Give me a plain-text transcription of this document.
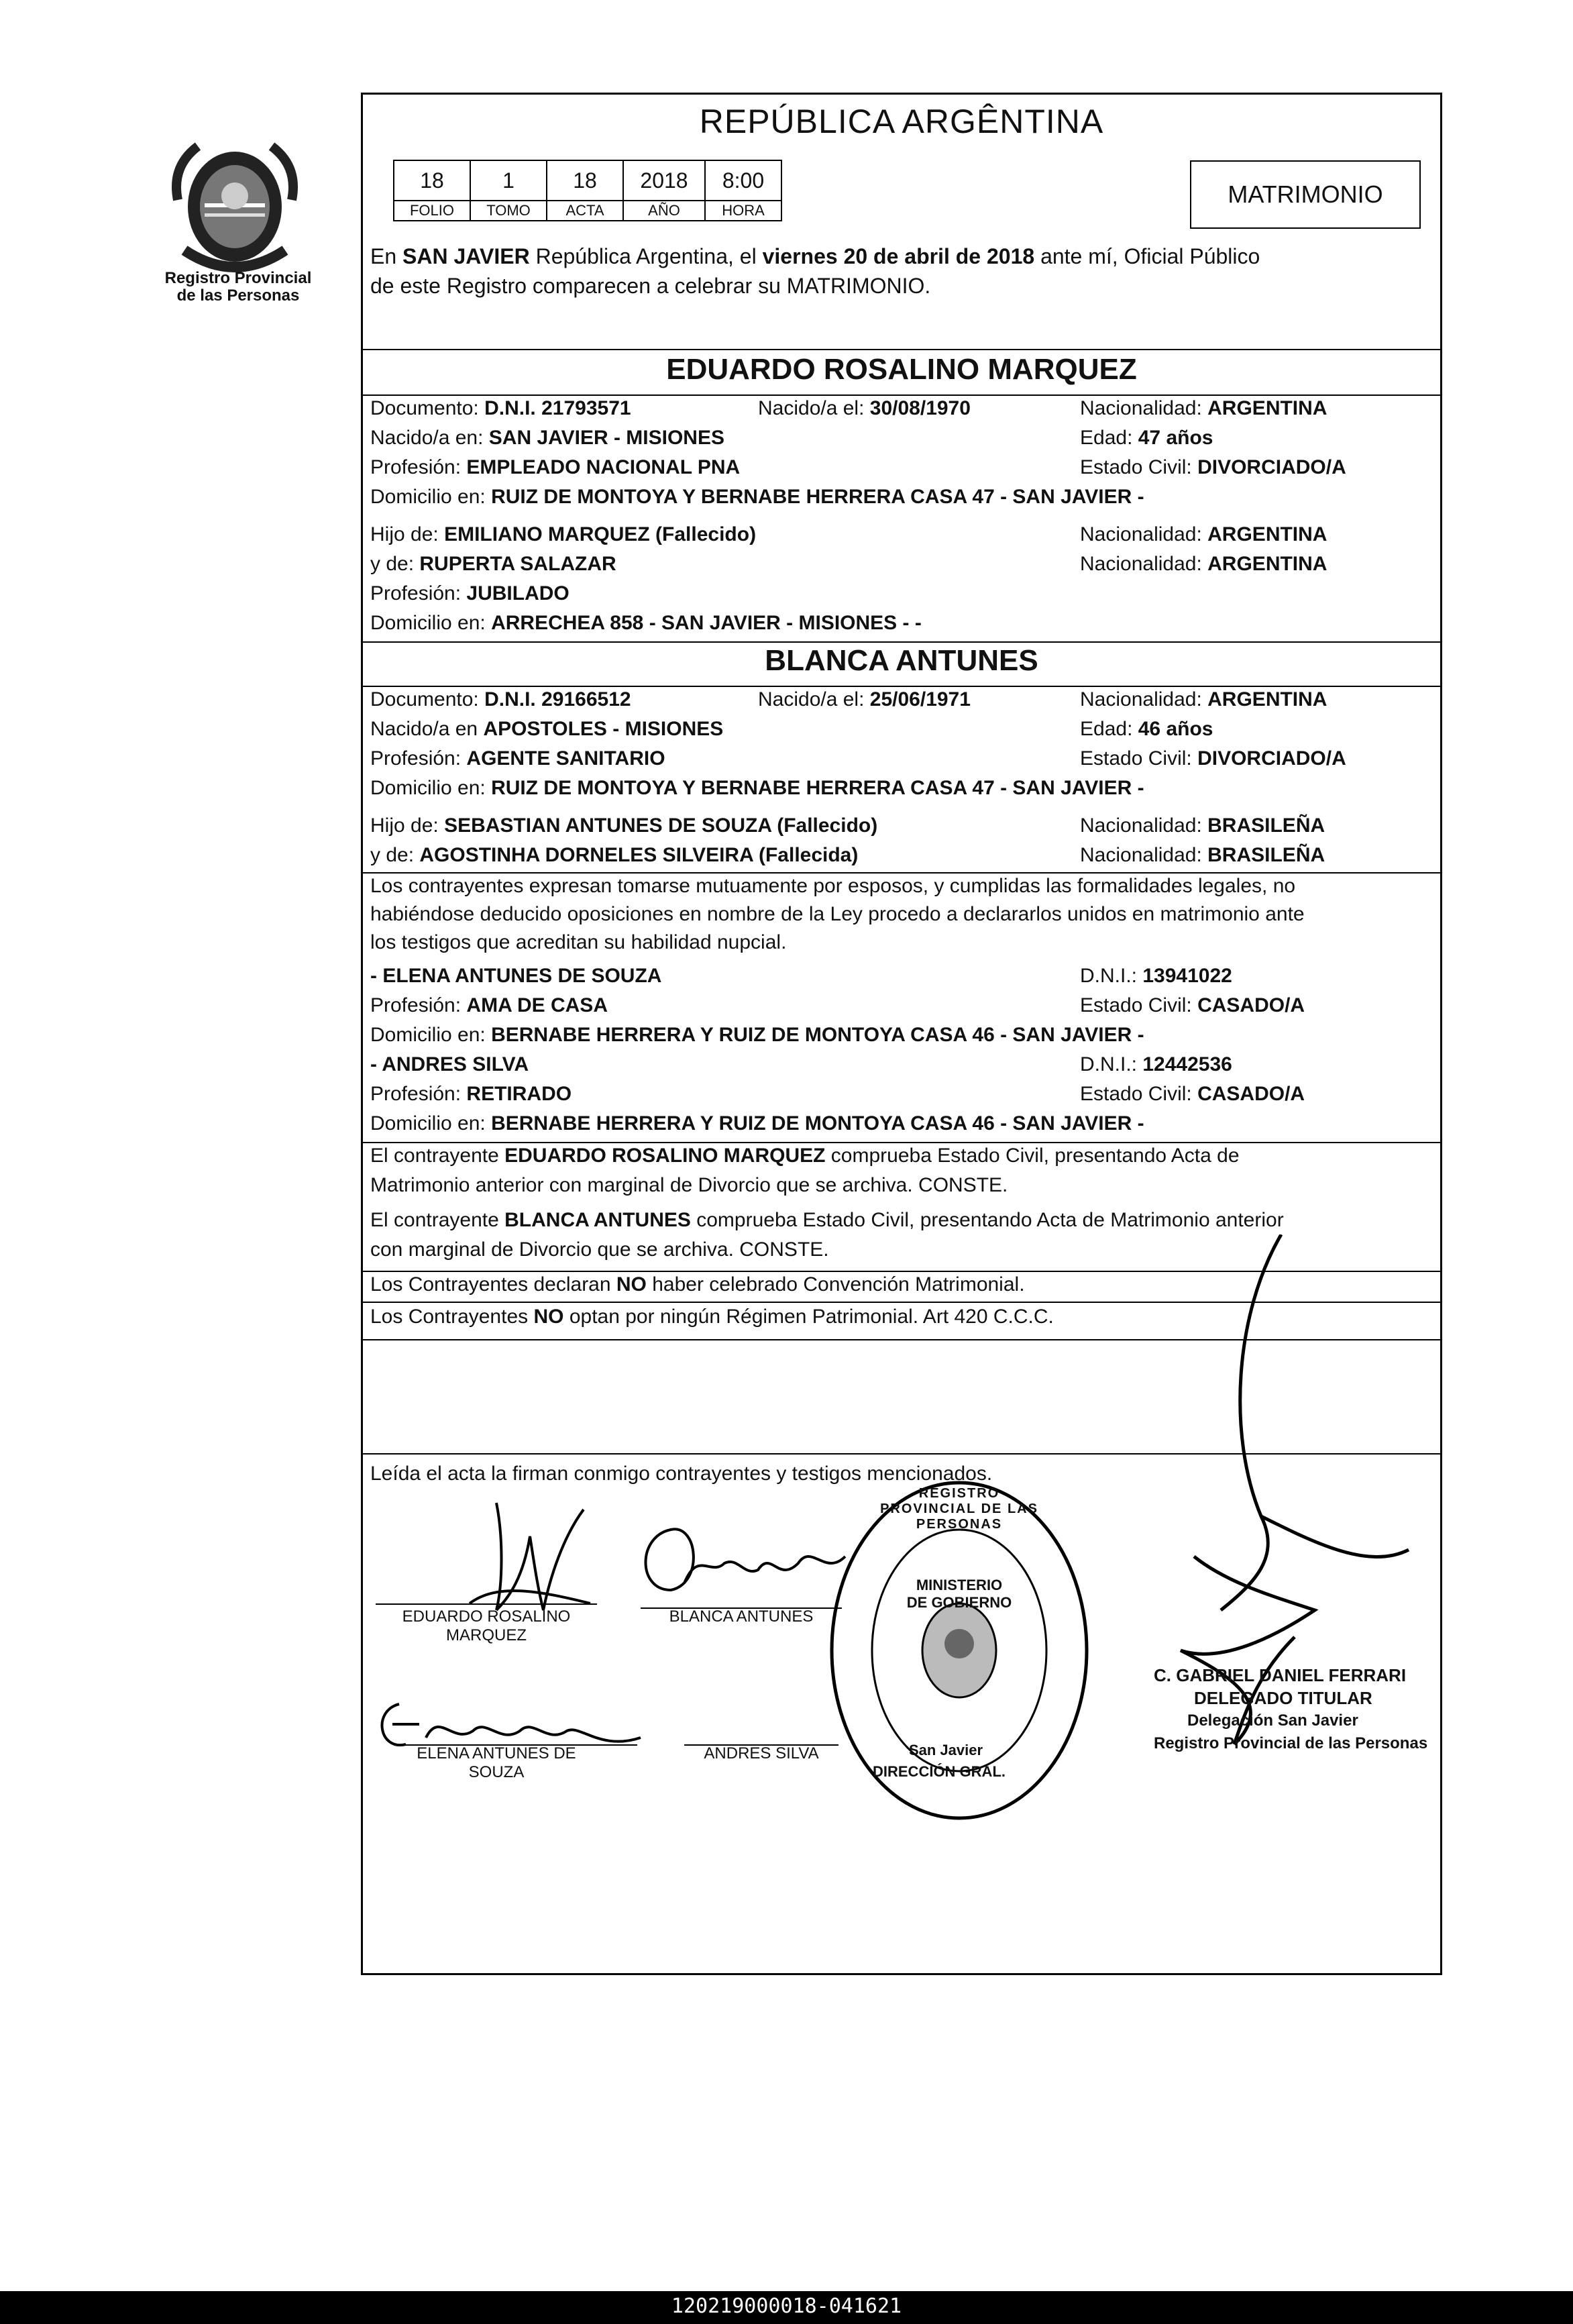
Registro Provincial
de las Personas
REPÚBLICA ARGÊNTINA
18	1	18	2018	8:00
FOLIO	TOMO	ACTA	AÑO	HORA
MATRIMONIO
En SAN JAVIER República Argentina, el viernes 20 de abril de 2018 ante mí, Oficial Público
de este Registro comparecen a celebrar su MATRIMONIO.
EDUARDO ROSALINO MARQUEZ
Documento: D.N.I. 21793571	Nacido/a el: 30/08/1970	Nacionalidad: ARGENTINA
Nacido/a en: SAN JAVIER - MISIONES	Edad: 47 años
Profesión: EMPLEADO NACIONAL PNA	Estado Civil: DIVORCIADO/A
Domicilio en: RUIZ DE MONTOYA Y BERNABE HERRERA CASA 47 - SAN JAVIER -
Hijo de: EMILIANO MARQUEZ (Fallecido)	Nacionalidad: ARGENTINA
y de: RUPERTA SALAZAR	Nacionalidad: ARGENTINA
Profesión: JUBILADO
Domicilio en: ARRECHEA 858 - SAN JAVIER - MISIONES - -
BLANCA ANTUNES
Documento: D.N.I. 29166512	Nacido/a el: 25/06/1971	Nacionalidad: ARGENTINA
Nacido/a en APOSTOLES - MISIONES	Edad: 46 años
Profesión: AGENTE SANITARIO	Estado Civil: DIVORCIADO/A
Domicilio en: RUIZ DE MONTOYA Y BERNABE HERRERA CASA 47 - SAN JAVIER -
Hijo de: SEBASTIAN ANTUNES DE SOUZA (Fallecido)	Nacionalidad: BRASILEÑA
y de: AGOSTINHA DORNELES SILVEIRA (Fallecida)	Nacionalidad: BRASILEÑA
Los contrayentes expresan tomarse mutuamente por esposos, y cumplidas las formalidades legales, no
habiéndose deducido oposiciones en nombre de la Ley procedo a declararlos unidos en matrimonio ante
los testigos que acreditan su habilidad nupcial.
- ELENA ANTUNES DE SOUZA	D.N.I.: 13941022
Profesión: AMA DE CASA	Estado Civil: CASADO/A
Domicilio en: BERNABE HERRERA Y RUIZ DE MONTOYA CASA 46 - SAN JAVIER -
- ANDRES SILVA	D.N.I.: 12442536
Profesión: RETIRADO	Estado Civil: CASADO/A
Domicilio en: BERNABE HERRERA Y RUIZ DE MONTOYA CASA 46 - SAN JAVIER -
El contrayente EDUARDO ROSALINO MARQUEZ comprueba Estado Civil, presentando Acta de
Matrimonio anterior con marginal de Divorcio que se archiva. CONSTE.
El contrayente BLANCA ANTUNES comprueba Estado Civil, presentando Acta de Matrimonio anterior
con marginal de Divorcio que se archiva. CONSTE.
Los Contrayentes declaran NO haber celebrado Convención Matrimonial.
Los Contrayentes NO optan por ningún Régimen Patrimonial. Art 420 C.C.C.
Leída el acta la firman conmigo contrayentes y testigos mencionados.
MINISTERIO DE GOBIERNO
REGISTRO PROVINCIAL DE LAS PERSONAS
DIRECCIÓN GRAL.
San Javier
EDUARDO ROSALINO
MARQUEZ
BLANCA ANTUNES
C. GABRIEL DANIEL FERRARI
DELEGADO TITULAR
Delegación San Javier
Registro Provincial de las Personas
ELENA ANTUNES DE
SOUZA
ANDRES SILVA
120219000018-041621
